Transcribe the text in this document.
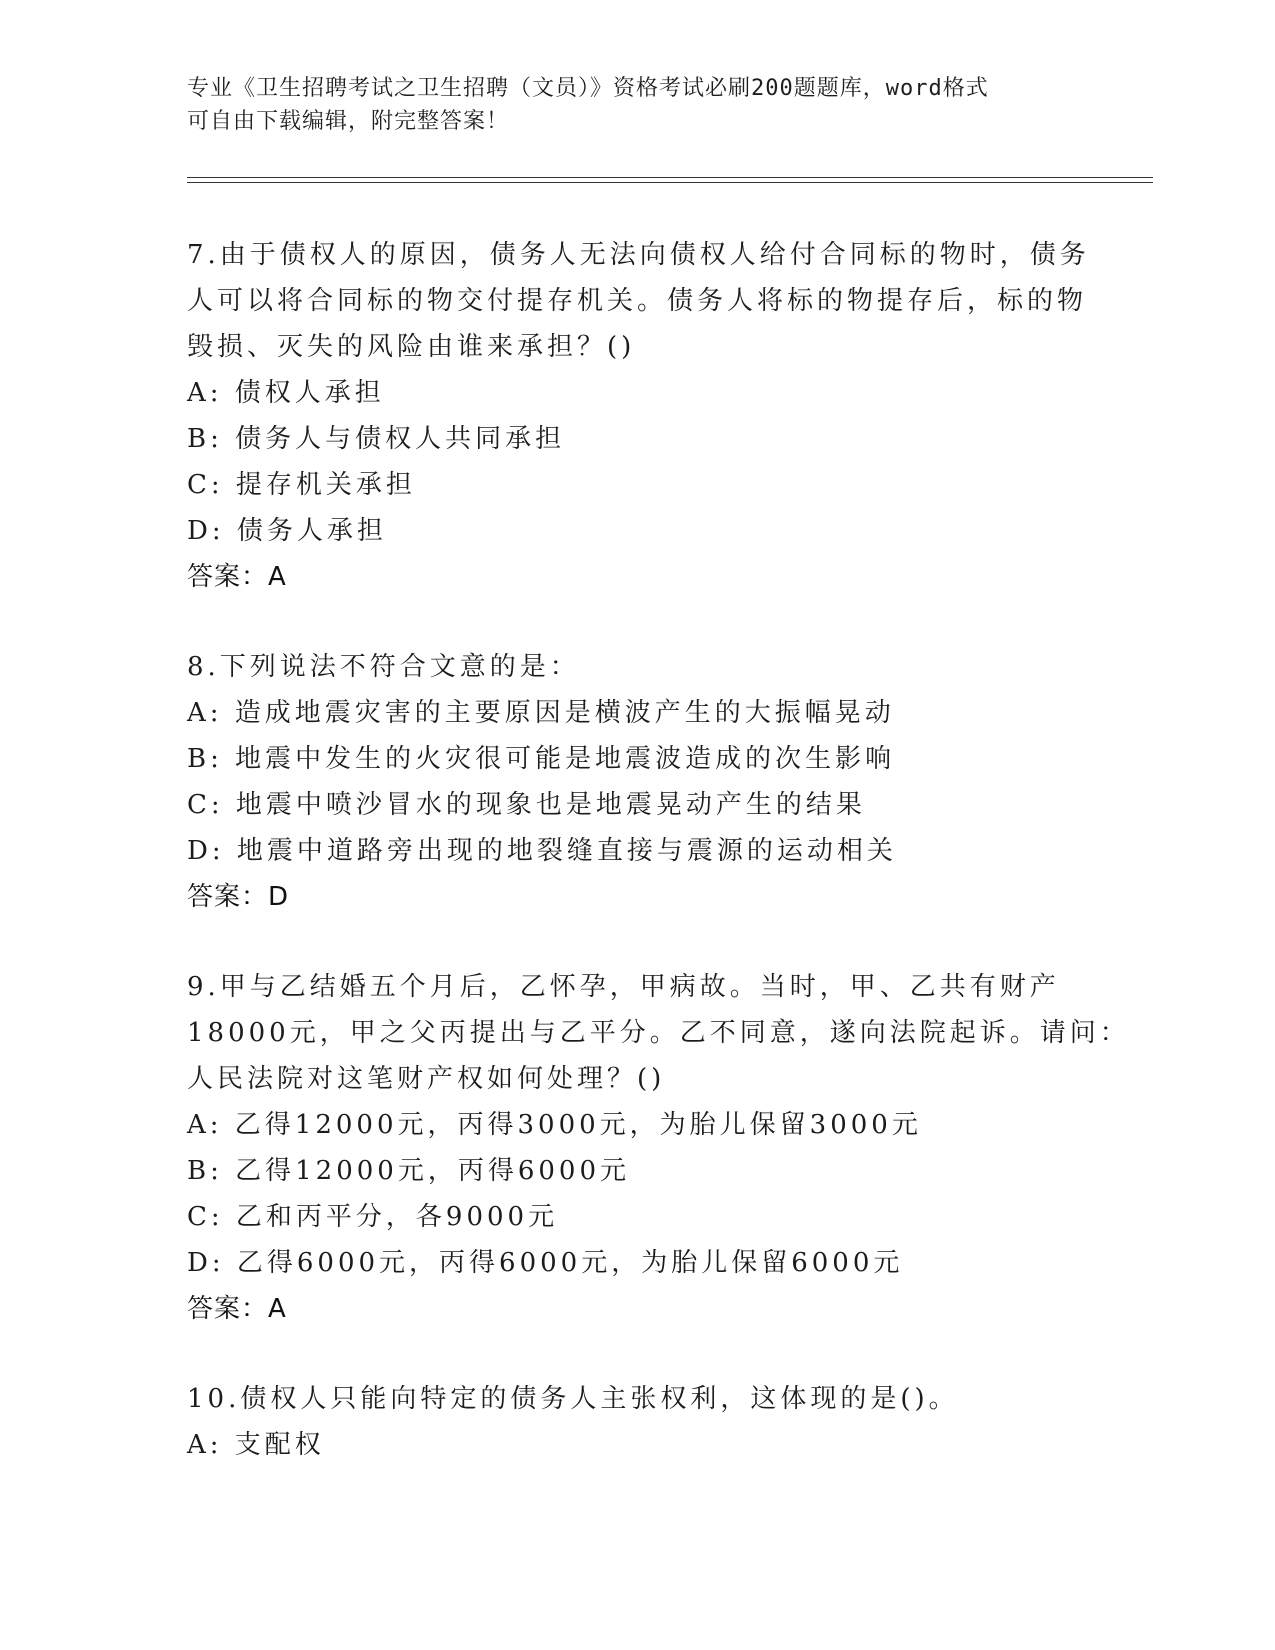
专业《卫生招聘考试之卫生招聘（文员）》资格考试必刷200题题库，word格式
可自由下载编辑，附完整答案！
7.由于债权人的原因，债务人无法向债权人给付合同标的物时，债务
人可以将合同标的物交付提存机关。债务人将标的物提存后，标的物
毁损、灭失的风险由谁来承担？()
A: 债权人承担
B: 债务人与债权人共同承担
C: 提存机关承担
D: 债务人承担
答案：A
8.下列说法不符合文意的是：
A: 造成地震灾害的主要原因是横波产生的大振幅晃动
B: 地震中发生的火灾很可能是地震波造成的次生影响
C: 地震中喷沙冒水的现象也是地震晃动产生的结果
D: 地震中道路旁出现的地裂缝直接与震源的运动相关
答案：D
9.甲与乙结婚五个月后，乙怀孕，甲病故。当时，甲、乙共有财产
18000元，甲之父丙提出与乙平分。乙不同意，遂向法院起诉。请问：
人民法院对这笔财产权如何处理？()
A: 乙得12000元，丙得3000元，为胎儿保留3000元
B: 乙得12000元，丙得6000元
C: 乙和丙平分，各9000元
D: 乙得6000元，丙得6000元，为胎儿保留6000元
答案：A
10.债权人只能向特定的债务人主张权利，这体现的是()。
A: 支配权
